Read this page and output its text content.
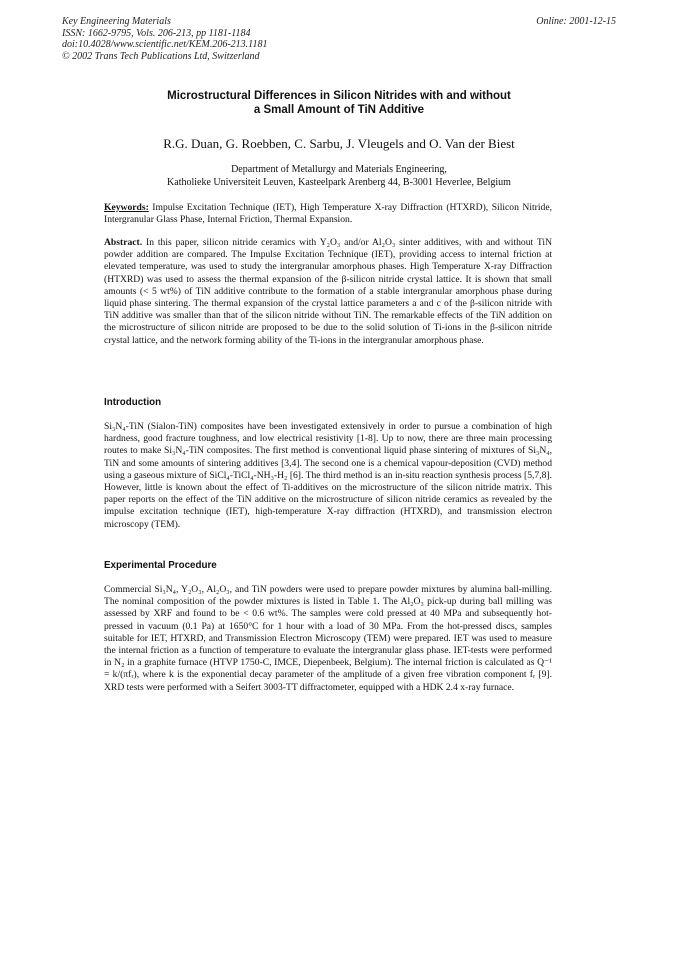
Key Engineering Materials
ISSN: 1662-9795, Vols. 206-213, pp 1181-1184
doi:10.4028/www.scientific.net/KEM.206-213.1181
© 2002 Trans Tech Publications Ltd, Switzerland
Online: 2001-12-15
Microstructural Differences in Silicon Nitrides with and without
a Small Amount of TiN Additive
R.G. Duan, G. Roebben, C. Sarbu, J. Vleugels and O. Van der Biest
Department of Metallurgy and Materials Engineering,
Katholieke Universiteit Leuven, Kasteelpark Arenberg 44, B-3001 Heverlee, Belgium
Keywords: Impulse Excitation Technique (IET), High Temperature X-ray Diffraction (HTXRD), Silicon Nitride, Intergranular Glass Phase, Internal Friction, Thermal Expansion.
Abstract. In this paper, silicon nitride ceramics with Y₂O₃ and/or Al₂O₃ sinter additives, with and without TiN powder addition are compared. The Impulse Excitation Technique (IET), providing access to internal friction at elevated temperature, was used to study the intergranular amorphous phases. High Temperature X-ray Diffraction (HTXRD) was used to assess the thermal expansion of the β-silicon nitride crystal lattice. It is shown that small amounts (< 5 wt%) of TiN additive contribute to the formation of a stable intergranular amorphous phase during liquid phase sintering. The thermal expansion of the crystal lattice parameters a and c of the β-silicon nitride with TiN additive was smaller than that of the silicon nitride without TiN. The remarkable effects of the TiN addition on the microstructure of silicon nitride are proposed to be due to the solid solution of Ti-ions in the β-silicon nitride crystal lattice, and the network forming ability of the Ti-ions in the intergranular amorphous phase.
Introduction
Si₃N₄-TiN (Sialon-TiN) composites have been investigated extensively in order to pursue a combination of high hardness, good fracture toughness, and low electrical resistivity [1-8]. Up to now, there are three main processing routes to make Si₃N₄-TiN composites. The first method is conventional liquid phase sintering of mixtures of Si₃N₄, TiN and some amounts of sintering additives [3,4]. The second one is a chemical vapour-deposition (CVD) method using a gaseous mixture of SiCl₄-TiCl₄-NH₃-H₂ [6]. The third method is an in-situ reaction synthesis process [5,7,8]. However, little is known about the effect of Ti-additives on the microstructure of the silicon nitride matrix. This paper reports on the effect of the TiN additive on the microstructure of silicon nitride ceramics as revealed by the impulse excitation technique (IET), high-temperature X-ray diffraction (HTXRD), and transmission electron microscopy (TEM).
Experimental Procedure
Commercial Si₃N₄, Y₂O₃, Al₂O₃, and TiN powders were used to prepare powder mixtures by alumina ball-milling. The nominal composition of the powder mixtures is listed in Table 1. The Al₂O₃ pick-up during ball milling was assessed by XRF and found to be < 0.6 wt%. The samples were cold pressed at 40 MPa and subsequently hot-pressed in vacuum (0.1 Pa) at 1650°C for 1 hour with a load of 30 MPa. From the hot-pressed discs, samples suitable for IET, HTXRD, and Transmission Electron Microscopy (TEM) were prepared. IET was used to measure the internal friction as a function of temperature to evaluate the intergranular glass phase. IET-tests were performed in N₂ in a graphite furnace (HTVP 1750-C, IMCE, Diepenbeek, Belgium). The internal friction is calculated as Q⁻¹ = k/(πfᵣ), where k is the exponential decay parameter of the amplitude of a given free vibration component fᵣ [9]. XRD tests were performed with a Seifert 3003-TT diffractometer, equipped with a HDK 2.4 x-ray furnace.
